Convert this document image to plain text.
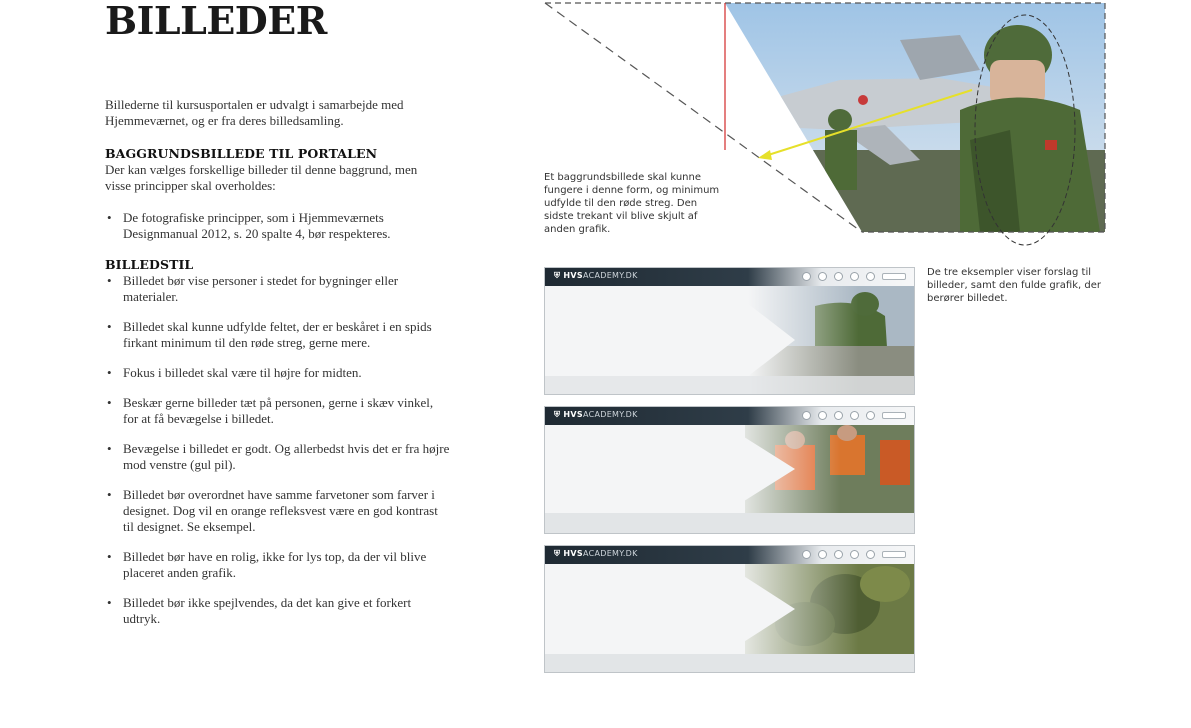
BILLEDER
Billederne til kursusportalen er udvalgt i samarbejde med Hjemmeværnet, og er fra deres billedsamling.
BAGGRUNDSBILLEDE TIL PORTALEN
Der kan vælges forskellige billeder til denne baggrund, men visse principper skal overholdes:
• De fotografiske principper, som i Hjemmeværnets Designmanual 2012, s. 20 spalte 4, bør respekteres.
BILLEDSTIL
• Billedet bør vise personer i stedet for bygninger eller materialer.
• Billedet skal kunne udfylde feltet, der er beskåret i en spids firkant minimum til den røde streg, gerne mere.
• Fokus i billedet skal være til højre for midten.
• Beskær gerne billeder tæt på personen, gerne i skæv vinkel, for at få bevægelse i billedet.
• Bevægelse i billedet er godt. Og allerbedst hvis det er fra højre mod venstre (gul pil).
• Billedet bør overordnet have samme farvetoner som farver i designet. Dog vil en orange refleksvest være en god kontrast til designet. Se eksempel.
• Billedet bør have en rolig, ikke for lys top, da der vil blive placeret anden grafik.
• Billedet bør ikke spejlvendes, da det kan give et forkert udtryk.
Et baggrundsbillede skal kunne fungere i denne form, og minimum udfylde til den røde streg. Den sidste trekant vil blive skjult af anden grafik.
De tre eksempler viser forslag til billeder, samt den fulde grafik, der berører billedet.
⛨ HVSACADEMY.DK
⛨ HVSACADEMY.DK
⛨ HVSACADEMY.DK
